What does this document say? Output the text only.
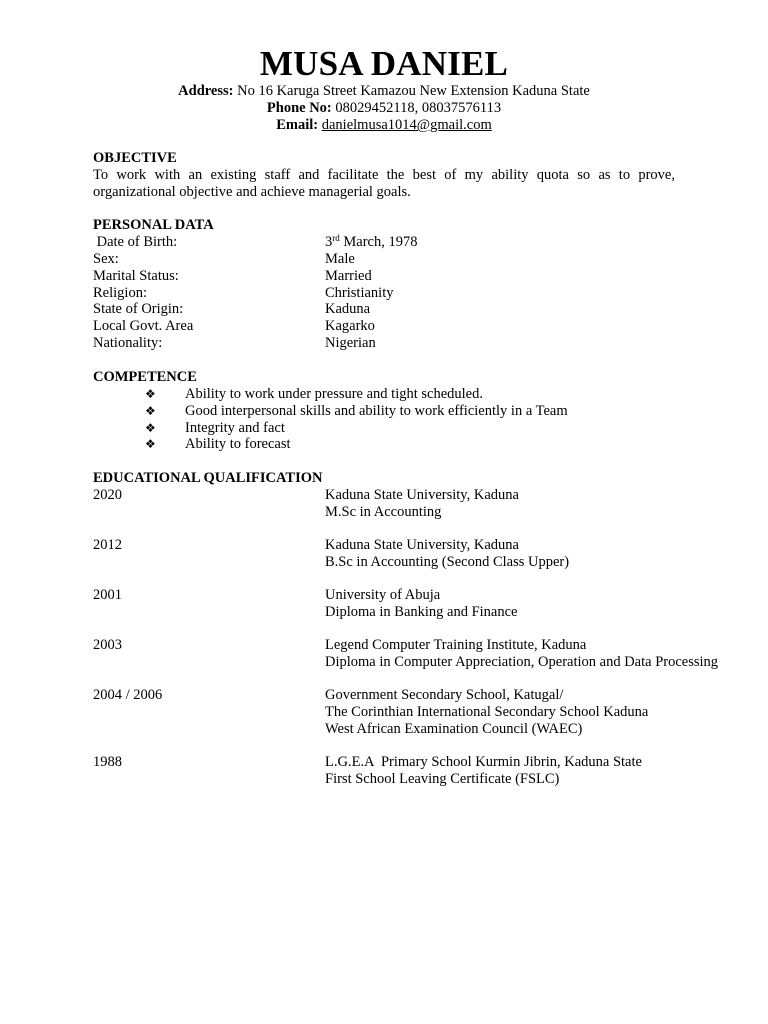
MUSA DANIEL
Address: No 16 Karuga Street Kamazou New Extension Kaduna State
Phone No: 08029452118, 08037576113
Email: danielmusa1014@gmail.com
OBJECTIVE
To work with an existing staff and facilitate the best of my ability quota so as to prove,
organizational objective and achieve managerial goals.
PERSONAL DATA
Date of Birth:	3rd March, 1978
Sex:	Male
Marital Status:	Married
Religion:	Christianity
State of Origin:	Kaduna
Local Govt. Area	Kagarko
Nationality:	Nigerian
COMPETENCE
❖ Ability to work under pressure and tight scheduled.
❖ Good interpersonal skills and ability to work efficiently in a Team
❖ Integrity and fact
❖ Ability to forecast
EDUCATIONAL QUALIFICATION
2020	Kaduna State University, Kaduna
M.Sc in Accounting
2012	Kaduna State University, Kaduna
B.Sc in Accounting (Second Class Upper)
2001	University of Abuja
Diploma in Banking and Finance
2003	Legend Computer Training Institute, Kaduna
Diploma in Computer Appreciation, Operation and Data Processing
2004 / 2006	Government Secondary School, Katugal/
The Corinthian International Secondary School Kaduna
West African Examination Council (WAEC)
1988	L.G.E.A  Primary School Kurmin Jibrin, Kaduna State
First School Leaving Certificate (FSLC)
